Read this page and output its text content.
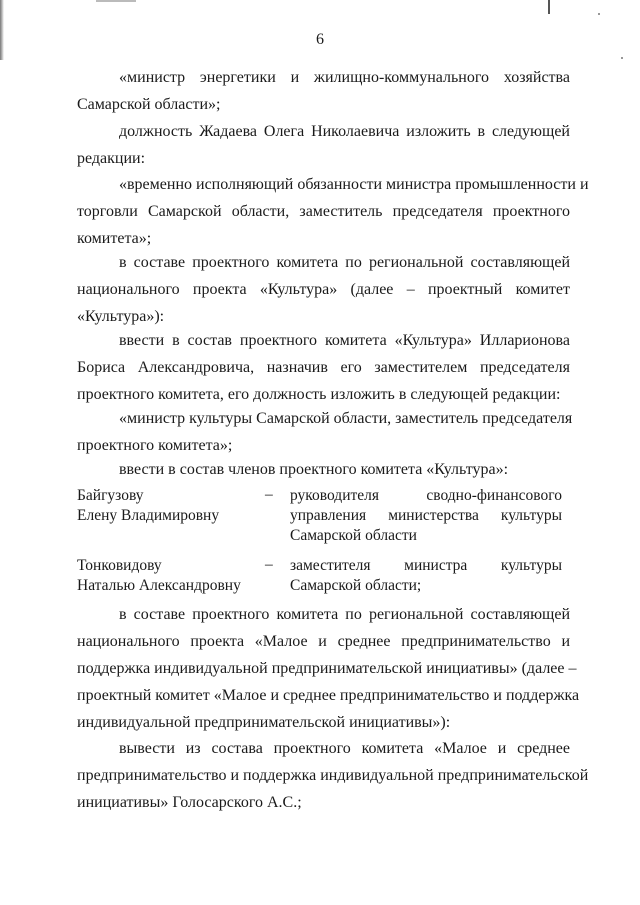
6
«министр энергетики и жилищно-коммунального хозяйства
Самарской области»;
должность Жадаева Олега Николаевича изложить в следующей
редакции:
«временно исполняющий обязанности министра промышленности и
торговли Самарской области, заместитель председателя проектного
комитета»;
в составе проектного комитета по региональной составляющей
национального проекта «Культура» (далее – проектный комитет
«Культура»):
ввести в состав проектного комитета «Культура» Илларионова
Бориса Александровича, назначив его заместителем председателя
проектного комитета, его должность изложить в следующей редакции:
«министр культуры Самарской области, заместитель председателя
проектного комитета»;
ввести в состав членов проектного комитета «Культура»:
Байгузову
Елену Владимировну
–	руководителя сводно-финансового
управления министерства культуры
Самарской области
Тонковидову
Наталью Александровну
–	заместителя министра культуры
Самарской области;
в составе проектного комитета по региональной составляющей
национального проекта «Малое и среднее предпринимательство и
поддержка индивидуальной предпринимательской инициативы» (далее –
проектный комитет «Малое и среднее предпринимательство и поддержка
индивидуальной предпринимательской инициативы»):
вывести из состава проектного комитета «Малое и среднее
предпринимательство и поддержка индивидуальной предпринимательской
инициативы» Голосарского А.С.;
